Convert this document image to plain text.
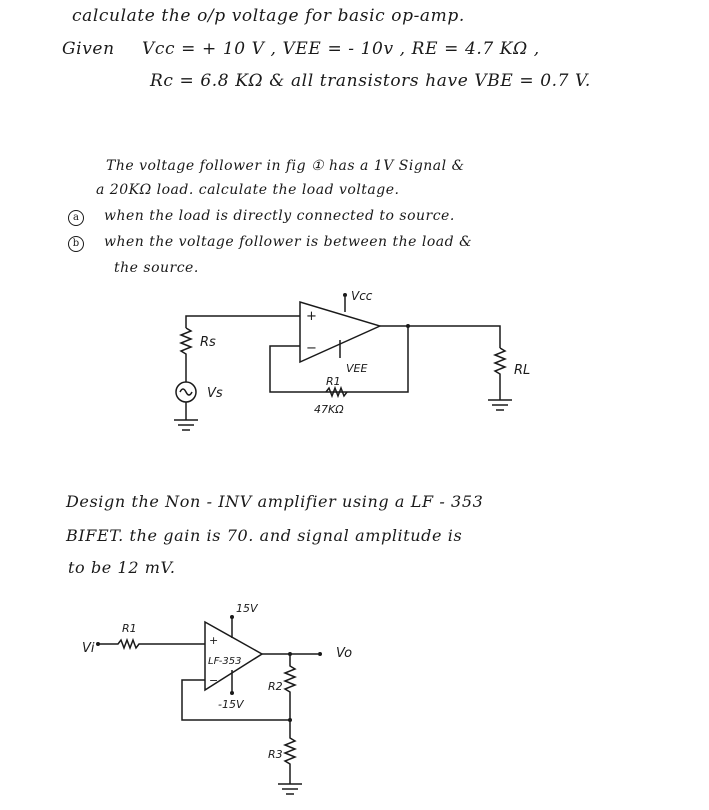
calculate the o/p voltage for basic op-amp.
Given Vcc = + 10 V , VEE = - 10v , RE = 4.7 KΩ ,
Rc = 6.8 KΩ & all transistors have VBE = 0.7 V.
The voltage follower in fig ① has a 1V Signal &
a 20KΩ load. calculate the load voltage.
a	when the load is directly connected to source.
b	when the voltage follower is between the load &
the source.
Vcc
VEE
+
−
Rs
Vs
R1
47KΩ
RL
Design the Non - INV amplifier using a LF - 353
BIFET. the gain is 70. and signal amplitude is
to be 12 mV.
15V
-15V
LF-353
+
−
Vi
R1
R2
R3
Vo
